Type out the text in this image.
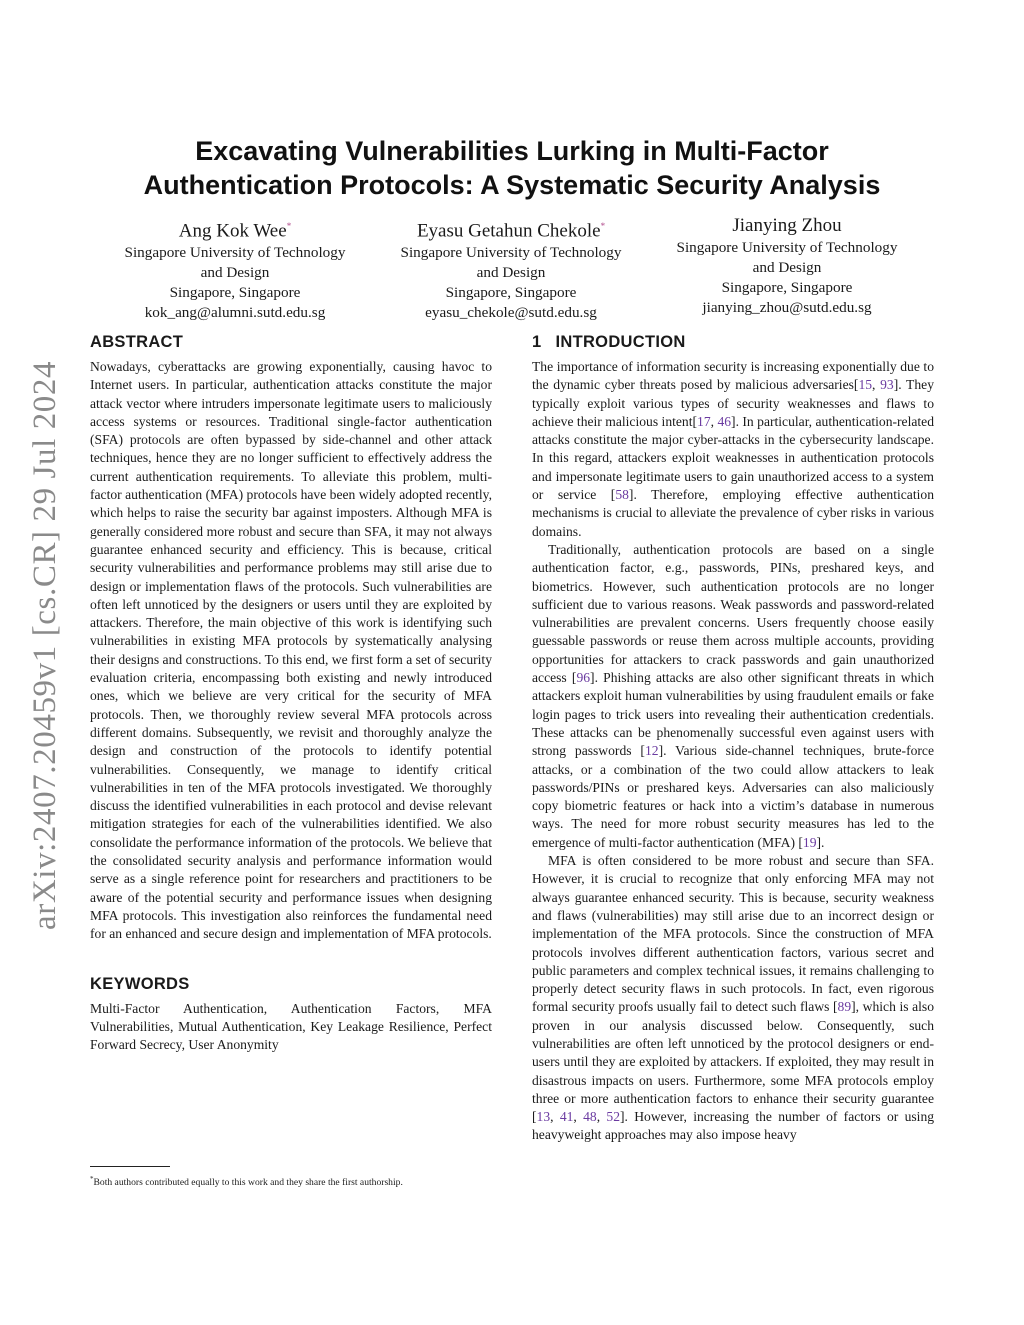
arXiv:2407.20459v1 [cs.CR] 29 Jul 2024
Excavating Vulnerabilities Lurking in Multi-Factor
Authentication Protocols: A Systematic Security Analysis
Ang Kok Wee*
Singapore University of Technology
and Design
Singapore, Singapore
kok_ang@alumni.sutd.edu.sg
Eyasu Getahun Chekole*
Singapore University of Technology
and Design
Singapore, Singapore
eyasu_chekole@sutd.edu.sg
Jianying Zhou
Singapore University of Technology
and Design
Singapore, Singapore
jianying_zhou@sutd.edu.sg
ABSTRACT

Nowadays, cyberattacks are growing exponentially, causing havoc to Internet users. In particular, authentication attacks constitute the major attack vector where intruders impersonate legitimate users to maliciously access systems or resources. Traditional single-factor authentication (SFA) protocols are often bypassed by side-channel and other attack techniques, hence they are no longer sufficient to effectively address the current authentication requirements. To alleviate this problem, multi-factor authentication (MFA) protocols have been widely adopted recently, which helps to raise the security bar against imposters. Although MFA is generally considered more robust and secure than SFA, it may not always guarantee enhanced security and efficiency. This is because, critical security vulnerabilities and performance problems may still arise due to design or implementation flaws of the protocols. Such vulnerabilities are often left unnoticed by the designers or users until they are exploited by attackers. Therefore, the main objective of this work is identifying such vulnerabilities in existing MFA protocols by systematically analysing their designs and constructions. To this end, we first form a set of security evaluation criteria, encompassing both existing and newly introduced ones, which we believe are very critical for the security of MFA protocols. Then, we thoroughly review several MFA protocols across different domains. Subsequently, we revisit and thoroughly analyze the design and construction of the protocols to identify potential vulnerabilities. Consequently, we manage to identify critical vulnerabilities in ten of the MFA protocols investigated. We thoroughly discuss the identified vulnerabilities in each protocol and devise relevant mitigation strategies for each of the vulnerabilities identified. We also consolidate the performance information of the protocols. We believe that the consolidated security analysis and performance information would serve as a single reference point for researchers and practitioners to be aware of the potential security and performance issues when designing MFA protocols. This investigation also reinforces the fundamental need for an enhanced and secure design and implementation of MFA protocols.

KEYWORDS

Multi-Factor Authentication, Authentication Factors, MFA Vulnerabilities, Mutual Authentication, Key Leakage Resilience, Perfect Forward Secrecy, User Anonymity

1 INTRODUCTION

The importance of information security is increasing exponentially due to the dynamic cyber threats posed by malicious adversaries[15, 93]. They typically exploit various types of security weaknesses and flaws to achieve their malicious intent[17, 46]. In particular, authentication-related attacks constitute the major cyber-attacks in the cybersecurity landscape. In this regard, attackers exploit weaknesses in authentication protocols and impersonate legitimate users to gain unauthorized access to a system or service [58]. Therefore, employing effective authentication mechanisms is crucial to alleviate the prevalence of cyber risks in various domains.

Traditionally, authentication protocols are based on a single authentication factor, e.g., passwords, PINs, preshared keys, and biometrics. However, such authentication protocols are no longer sufficient due to various reasons. Weak passwords and password-related vulnerabilities are prevalent concerns. Users frequently choose easily guessable passwords or reuse them across multiple accounts, providing opportunities for attackers to crack passwords and gain unauthorized access [96]. Phishing attacks are also other significant threats in which attackers exploit human vulnerabilities by using fraudulent emails or fake login pages to trick users into revealing their authentication credentials. These attacks can be phenomenally successful even against users with strong passwords [12]. Various side-channel techniques, brute-force attacks, or a combination of the two could allow attackers to leak passwords/PINs or preshared keys. Adversaries can also maliciously copy biometric features or hack into a victim’s database in numerous ways. The need for more robust security measures has led to the emergence of multi-factor authentication (MFA) [19].

MFA is often considered to be more robust and secure than SFA. However, it is crucial to recognize that only enforcing MFA may not always guarantee enhanced security. This is because, security weakness and flaws (vulnerabilities) may still arise due to an incorrect design or implementation of the MFA protocols. Since the construction of MFA protocols involves different authentication factors, various secret and public parameters and complex technical issues, it remains challenging to properly detect security flaws in such protocols. In fact, even rigorous formal security proofs usually fail to detect such flaws [89], which is also proven in our analysis discussed below. Consequently, such vulnerabilities are often left unnoticed by the protocol designers or end-users until they are exploited by attackers. If exploited, they may result in disastrous impacts on users. Furthermore, some MFA protocols employ three or more authentication factors to enhance their security guarantee [13, 41, 48, 52]. However, increasing the number of factors or using heavyweight approaches may also impose heavy

*Both authors contributed equally to this work and they share the first authorship.
